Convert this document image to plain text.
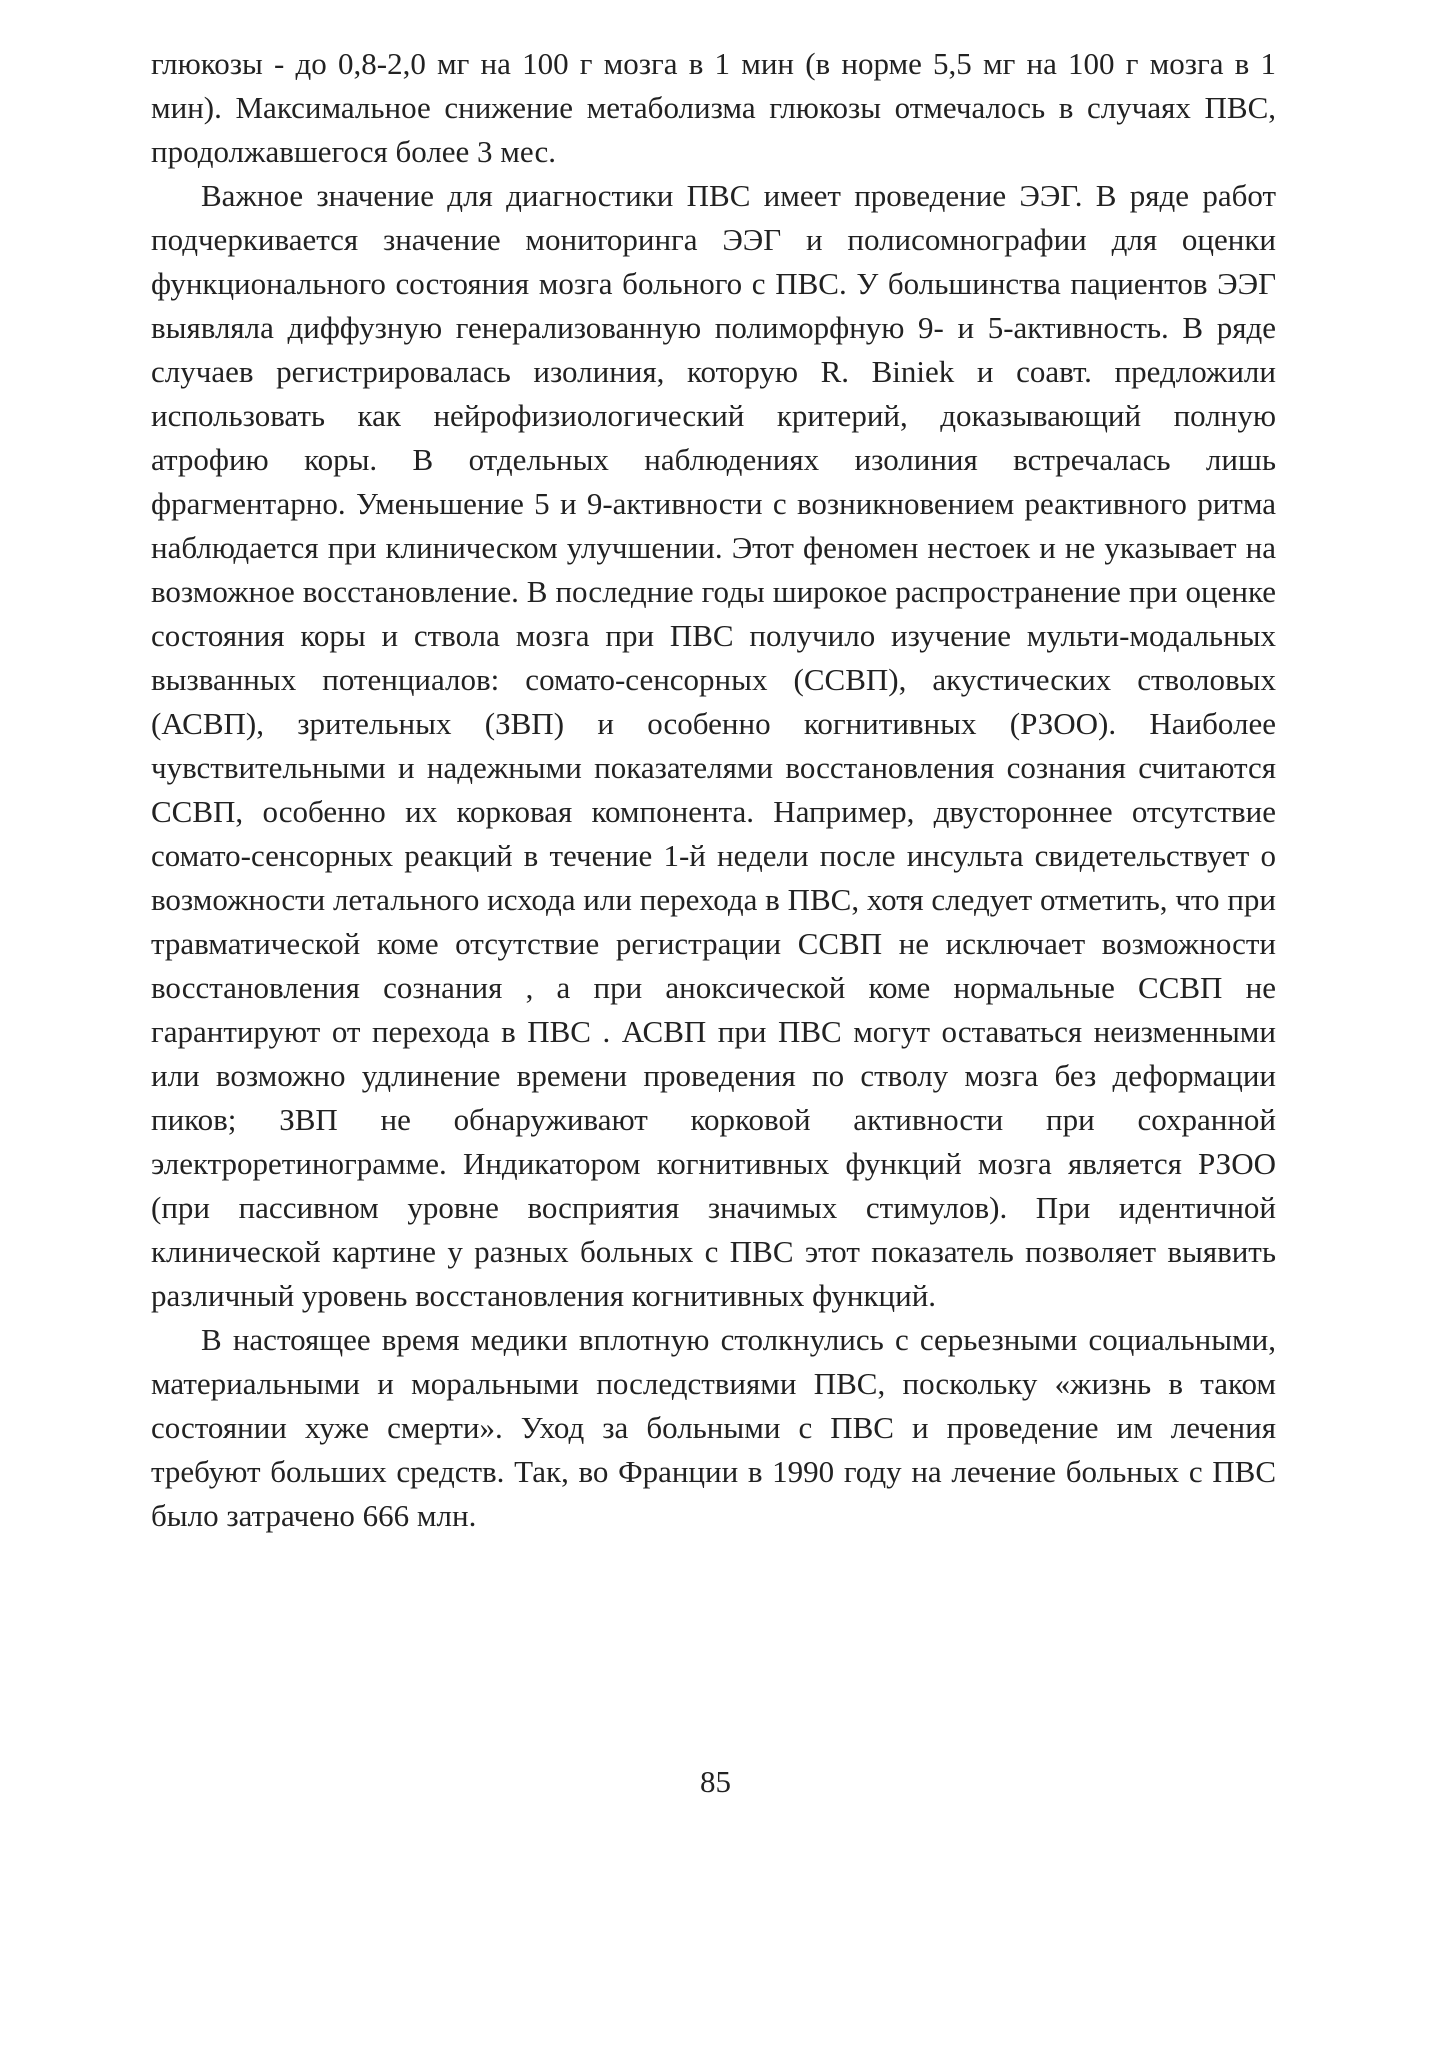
глюкозы - до 0,8-2,0 мг на 100 г мозга в 1 мин (в норме 5,5 мг на 100 г мозга в 1 мин). Максимальное снижение метаболизма глюкозы отмечалось в случаях ПВС, продолжавшегося более 3 мес.

Важное значение для диагностики ПВС имеет проведение ЭЭГ. В ряде работ подчеркивается значение мониторинга ЭЭГ и полисомнографии для оценки функционального состояния мозга больного с ПВС. У большинства пациентов ЭЭГ выявляла диффузную генерализованную полиморфную 9- и 5-активность. В ряде случаев регистрировалась изолиния, которую R. Biniek и соавт. предложили использовать как нейрофизиологический критерий, доказывающий полную атрофию коры. В отдельных наблюдениях изолиния встречалась лишь фрагментарно. Уменьшение 5 и 9-активности с возникновением реактивного ритма наблюдается при клиническом улучшении. Этот феномен нестоек и не указывает на возможное восстановление. В последние годы широкое распространение при оценке состояния коры и ствола мозга при ПВС получило изучение мульти-модальных вызванных потенциалов: сомато-сенсорных (ССВП), акустических стволовых (АСВП), зрительных (ЗВП) и особенно когнитивных (РЗОО). Наиболее чувствительными и надежными показателями восстановления сознания считаются ССВП, особенно их корковая компонента. Например, двустороннее отсутствие сомато-сенсорных реакций в течение 1-й недели после инсульта свидетельствует о возможности летального исхода или перехода в ПВС, хотя следует отметить, что при травматической коме отсутствие регистрации ССВП не исключает возможности восстановления сознания , а при аноксической коме нормальные ССВП не гарантируют от перехода в ПВС . АСВП при ПВС могут оставаться неизменными или возможно удлинение времени проведения по стволу мозга без деформации пиков; ЗВП не обнаруживают корковой активности при сохранной электроретинограмме. Индикатором когнитивных функций мозга является РЗОО (при пассивном уровне восприятия значимых стимулов). При идентичной клинической картине у разных больных с ПВС этот показатель позволяет выявить различный уровень восстановления когнитивных функций.

В настоящее время медики вплотную столкнулись с серьезными социальными, материальными и моральными последствиями ПВС, поскольку «жизнь в таком состоянии хуже смерти». Уход за больными с ПВС и проведение им лечения требуют больших средств. Так, во Франции в 1990 году на лечение больных с ПВС было затрачено 666 млн.

85
